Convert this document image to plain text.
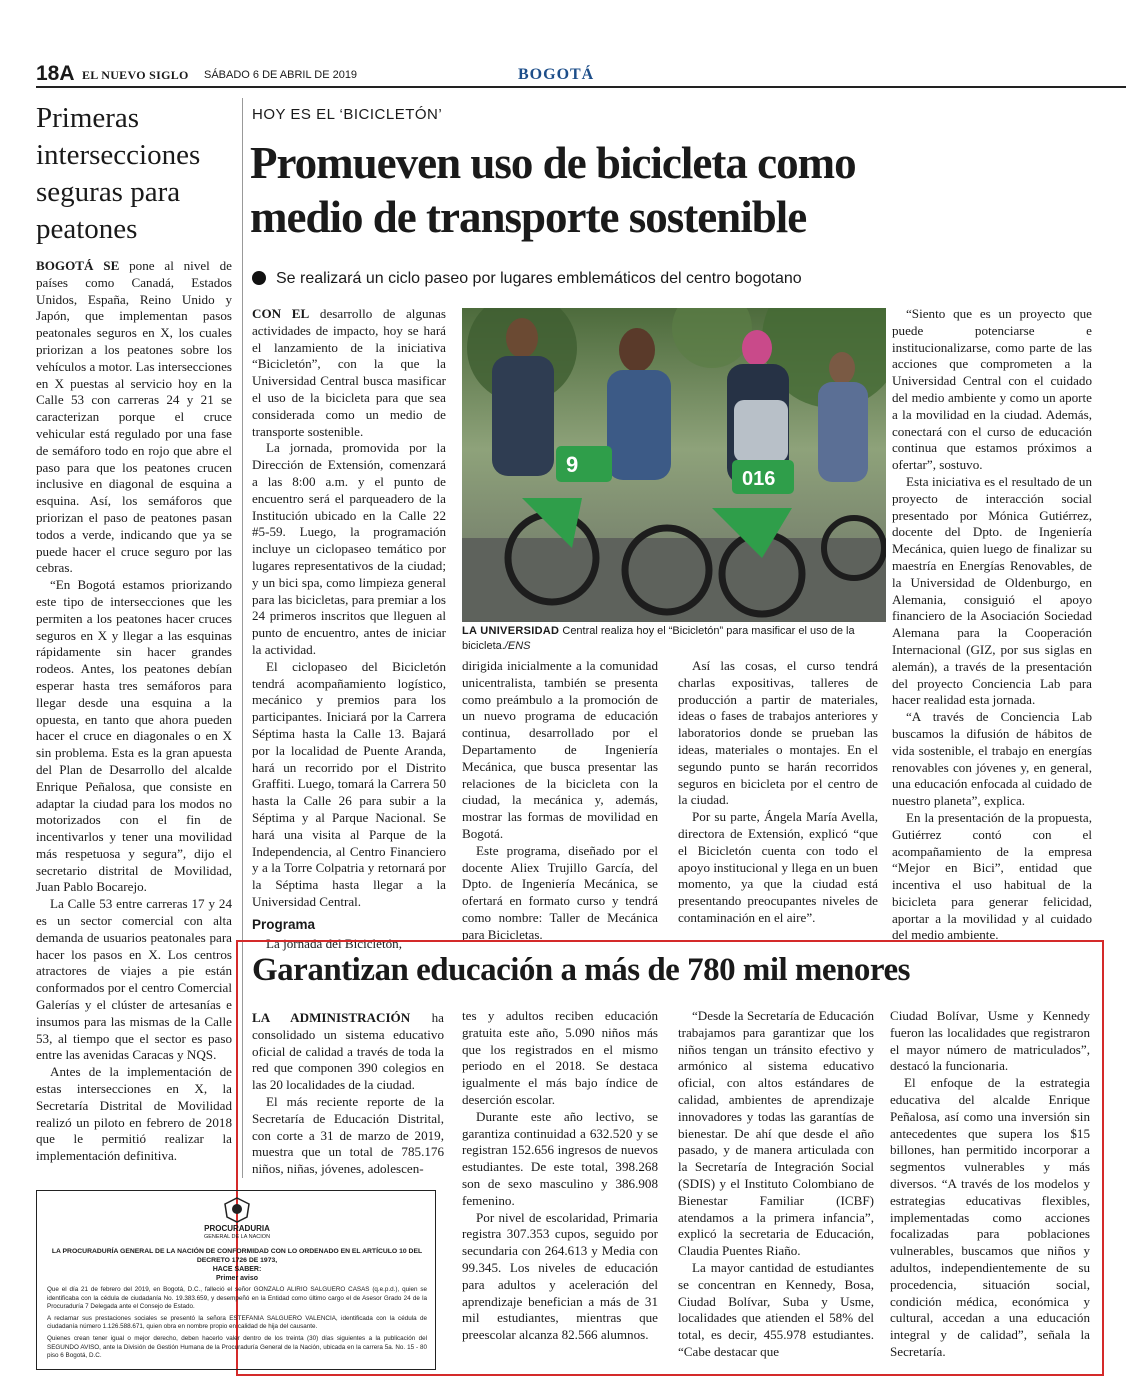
18A EL NUEVO SIGLO SÁBADO 6 DE ABRIL DE 2019	BOGOTÁ
Primeras intersecciones seguras para peatones

BOGOTÁ SE pone al nivel de países como Canadá, Estados Unidos, España, Reino Unido y Japón, que implementan pasos peatonales seguros en X, los cuales priorizan a los peatones sobre los vehículos a motor. Las intersecciones en X puestas al servicio hoy en la Calle 53 con carreras 24 y 21 se caracterizan porque el cruce vehicular está regulado por una fase de semáforo todo en rojo que abre el paso para que los peatones crucen inclusive en diagonal de esquina a esquina. Así, los semáforos que priorizan el paso de peatones pasan todos a verde, indicando que ya se puede hacer el cruce seguro por las cebras.

“En Bogotá estamos priorizando este tipo de intersecciones que les permiten a los peatones hacer cruces seguros en X y llegar a las esquinas rápidamente sin hacer grandes rodeos. Antes, los peatones debían esperar hasta tres semáforos para llegar desde una esquina a la opuesta, en tanto que ahora pueden hacer el cruce en diagonales o en X sin problema. Esta es la gran apuesta del Plan de Desarrollo del alcalde Enrique Peñalosa, que consiste en adaptar la ciudad para los modos no motorizados con el fin de incentivarlos y tener una movilidad más respetuosa y segura”, dijo el secretario distrital de Movilidad, Juan Pablo Bocarejo.

La Calle 53 entre carreras 17 y 24 es un sector comercial con alta demanda de usuarios peatonales para hacer los pasos en X. Los centros atractores de viajes a pie están conformados por el centro Comercial Galerías y el clúster de artesanías e insumos para las mismas de la Calle 53, al tiempo que el sector es paso entre las avenidas Caracas y NQS.

Antes de la implementación de estas intersecciones en X, la Secretaría Distrital de Movilidad realizó un piloto en febrero de 2018 que le permitió realizar la implementación definitiva.

HOY ES EL ‘BICICLETÓN’
Promueven uso de bicicleta como
medio de transporte sostenible
Se realizará un ciclo paseo por lugares emblemáticos del centro bogotano

CON EL desarrollo de algunas actividades de impacto, hoy se hará el lanzamiento de la iniciativa “Bicicletón”, con la que la Universidad Central busca masificar el uso de la bicicleta para que sea considerada como un medio de transporte sostenible.

La jornada, promovida por la Dirección de Extensión, comenzará a las 8:00 a.m. y el punto de encuentro será el parqueadero de la Institución ubicado en la Calle 22 #5-59. Luego, la programación incluye un ciclopaseo temático por lugares representativos de la ciudad; y un bici spa, como limpieza general para las bicicletas, para premiar a los 24 primeros inscritos que lleguen al punto de encuentro, antes de iniciar la actividad.

El ciclopaseo del Bicicletón tendrá acompañamiento logístico, mecánico y premios para los participantes. Iniciará por la Carrera Séptima hasta la Calle 13. Bajará por la localidad de Puente Aranda, hará un recorrido por el Distrito Graffiti. Luego, tomará la Carrera 50 hasta la Calle 26 para subir a la Séptima y al Parque Nacional. Se hará una visita al Parque de la Independencia, al Centro Financiero y a la Torre Colpatria y retornará por la Séptima hasta llegar a la Universidad Central.

Programa

La jornada del Bicicletón,

9
016
LA UNIVERSIDAD Central realiza hoy el “Bicicletón” para masificar el uso de la bicicleta./ENS

dirigida inicialmente a la comunidad unicentralista, también se presenta como preámbulo a la promoción de un nuevo programa de educación continua, desarrollado por el Departamento de Ingeniería Mecánica, que busca presentar las relaciones de la bicicleta con la ciudad, la mecánica y, además, mostrar las formas de movilidad en Bogotá.

Este programa, diseñado por el docente Aliex Trujillo García, del Dpto. de Ingeniería Mecánica, se ofertará en formato curso y tendrá como nombre: Taller de Mecánica para Bicicletas.

Así las cosas, el curso tendrá charlas expositivas, talleres de producción a partir de materiales, ideas o fases de trabajos anteriores y laboratorios donde se prueban las ideas, materiales o montajes. En el segundo punto se harán recorridos seguros en bicicleta por el centro de la ciudad.

Por su parte, Ángela María Avella, directora de Extensión, explicó “que el Bicicletón cuenta con todo el apoyo institucional y llega en un buen momento, ya que la ciudad está presentando preocupantes niveles de contaminación en el aire”.

“Siento que es un proyecto que puede potenciarse e institucionalizarse, como parte de las acciones que comprometen a la Universidad Central con el cuidado del medio ambiente y como un aporte a la movilidad en la ciudad. Además, conectará con el curso de educación continua que estamos próximos a ofertar”, sostuvo.

Esta iniciativa es el resultado de un proyecto de interacción social presentado por Mónica Gutiérrez, docente del Dpto. de Ingeniería Mecánica, quien luego de finalizar su maestría en Energías Renovables, de la Universidad de Oldenburgo, en Alemania, consiguió el apoyo financiero de la Asociación Sociedad Alemana para la Cooperación Internacional (GIZ, por sus siglas en alemán), a través de la presentación del proyecto Conciencia Lab para hacer realidad esta jornada.

“A través de Conciencia Lab buscamos la difusión de hábitos de vida sostenible, el trabajo en energías renovables con jóvenes y, en general, una educación enfocada al cuidado de nuestro planeta”, explica.

En la presentación de la propuesta, Gutiérrez contó con el acompañamiento de la empresa “Mejor en Bici”, entidad que incentiva el uso habitual de la bicicleta para generar felicidad, aportar a la movilidad y al cuidado del medio ambiente.

Garantizan educación a más de 780 mil menores

LA ADMINISTRACIÓN ha consolidado un sistema educativo oficial de calidad a través de toda la red que componen 390 colegios en las 20 localidades de la ciudad.

El más reciente reporte de la Secretaría de Educación Distrital, con corte a 31 de marzo de 2019, muestra que un total de 785.176 niños, niñas, jóvenes, adolescen-

tes y adultos reciben educación gratuita este año, 5.090 niños más que los registrados en el mismo periodo en el 2018. Se destaca igualmente el más bajo índice de deserción escolar.

Durante este año lectivo, se garantiza continuidad a 632.520 y se registran 152.656 ingresos de nuevos estudiantes. De este total, 398.268 son de sexo masculino y 386.908 femenino.

Por nivel de escolaridad, Primaria registra 307.353 cupos, seguido por secundaria con 264.613 y Media con 99.345. Los niveles de educación para adultos y aceleración del aprendizaje benefician a más de 31 mil estudiantes, mientras que preescolar alcanza 82.566 alumnos.

“Desde la Secretaría de Educación trabajamos para garantizar que los niños tengan un tránsito efectivo y armónico al sistema educativo oficial, con altos estándares de calidad, ambientes de aprendizaje innovadores y todas las garantías de bienestar. De ahí que desde el año pasado, y de manera articulada con la Secretaría de Integración Social (SDIS) y el Instituto Colombiano de Bienestar Familiar (ICBF) atendamos a la primera infancia”, explicó la secretaria de Educación, Claudia Puentes Riaño.

La mayor cantidad de estudiantes se concentran en Kennedy, Bosa, Ciudad Bolívar, Suba y Usme, localidades que atienden el 58% del total, es decir, 455.978 estudiantes. “Cabe destacar que

Ciudad Bolívar, Usme y Kennedy fueron las localidades que registraron el mayor número de matriculados”, destacó la funcionaria.

El enfoque de la estrategia educativa del alcalde Enrique Peñalosa, así como una inversión sin antecedentes que supera los $15 billones, han permitido incorporar a segmentos vulnerables y más diversos. “A través de los modelos y estrategias educativas flexibles, implementadas como acciones focalizadas para poblaciones vulnerables, buscamos que niños y adultos, independientemente de su procedencia, situación social, condición médica, económica y cultural, accedan a una educación integral y de calidad”, señala la Secretaría.

PROCURADURIA
GENERAL DE LA NACION
LA PROCURADURÍA GENERAL DE LA NACIÓN DE CONFORMIDAD CON LO ORDENADO EN EL ARTÍCULO 10 DEL DECRETO 1726 DE 1973,
HACE SABER:
Primer aviso

Que el día 21 de febrero del 2019, en Bogotá, D.C., falleció el señor GONZALO ALIRIO SALGUERO CASAS (q.e.p.d.), quien se identificaba con la cédula de ciudadanía No. 19.383.659, y desempeñó en la Entidad como último cargo el de Asesor Grado 24 de la Procuraduría 7 Delegada ante el Consejo de Estado.

A reclamar sus prestaciones sociales se presentó la señora ESTEFANIA SALGUERO VALENCIA, identificada con la cédula de ciudadanía número 1.126.588.671, quien obra en nombre propio en calidad de hija del causante.

Quienes crean tener igual o mejor derecho, deben hacerlo valer dentro de los treinta (30) días siguientes a la publicación del SEGUNDO AVISO, ante la División de Gestión Humana de la Procuraduría General de la Nación, ubicada en la carrera 5a. No. 15 - 80 piso 6 Bogotá, D.C.
